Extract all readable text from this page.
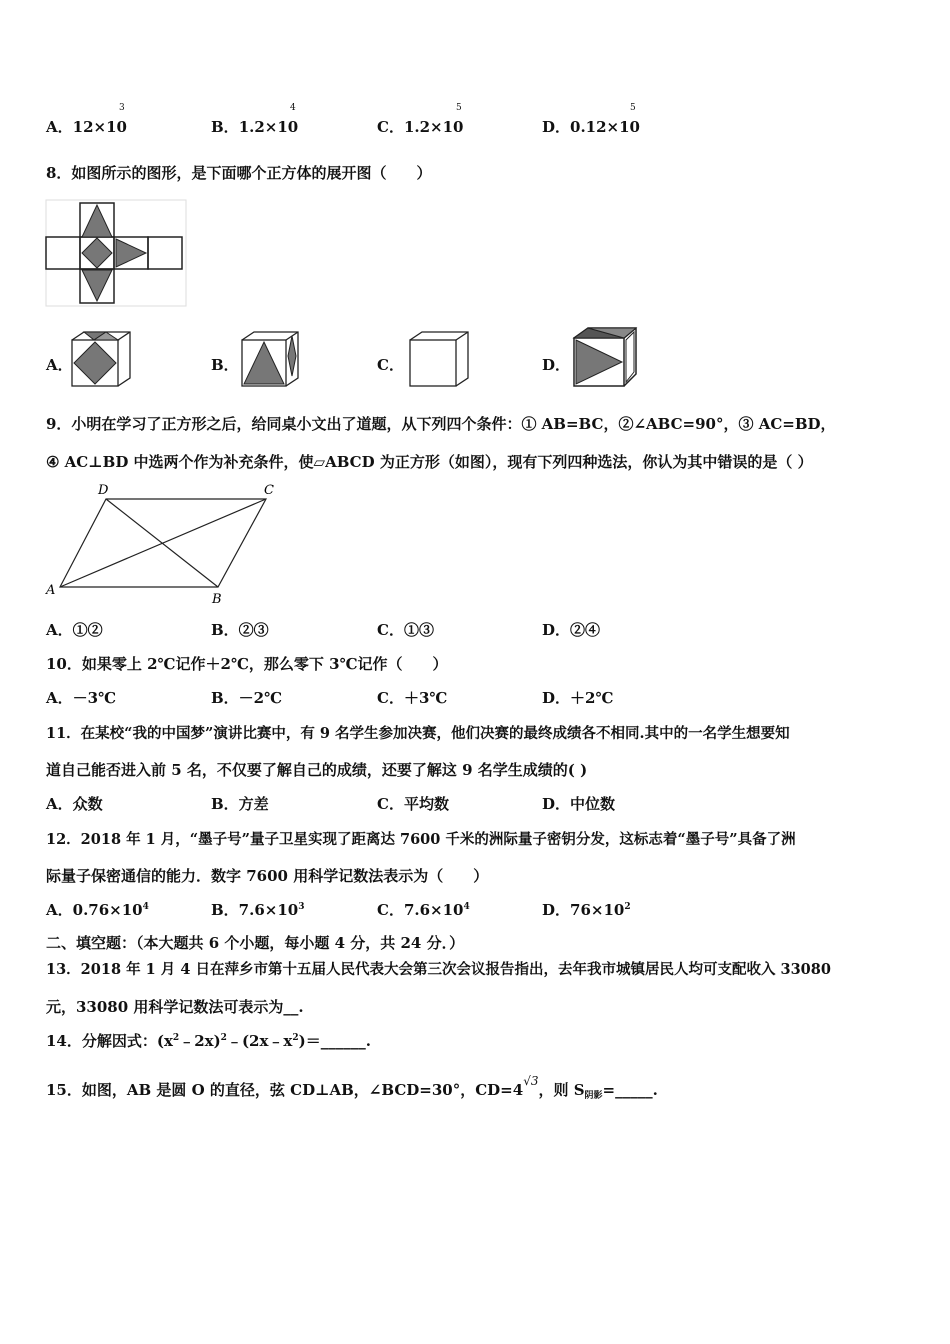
A．12×10
3
B．1.2×10
4
C．1.2×10
5
D．0.12×10
5
8．如图所示的图形，是下面哪个正方体的展开图（　　）
A．	B．	C．	D．
9．小明在学习了正方形之后，给同桌小文出了道题，从下列四个条件：① AB=BC，②∠ABC=90°，③ AC=BD，
④ AC⊥BD 中选两个作为补充条件，使▱ABCD 为正方形（如图），现有下列四种选法，你认为其中错误的是（ ）
A
B
C
D
A．①②	B．②③	C．①③	D．②④
10．如果零上 2℃记作＋2℃，那么零下 3℃记作（　　）
A．－3℃	B．－2℃	C．＋3℃	D．＋2℃
11．在某校“我的中国梦”演讲比赛中，有 9 名学生参加决赛，他们决赛的最终成绩各不相同.其中的一名学生想要知
道自己能否进入前 5 名，不仅要了解自己的成绩，还要了解这 9 名学生成绩的( )
A．众数	B．方差	C．平均数	D．中位数
12．2018 年 1 月，“墨子号”量子卫星实现了距离达 7600 千米的洲际量子密钥分发，这标志着“墨子号”具备了洲
际量子保密通信的能力．数字 7600 用科学记数法表示为（　　）
A．$0.76\times 10^4$	B．$7.6\times 10^3$	C．$7.6\times 10^4$	D．$76\times 10^2$
二、填空题：（本大题共 6 个小题，每小题 4 分，共 24 分．）
13．2018 年 1 月 4 日在萍乡市第十五届人民代表大会第三次会议报告指出，去年我市城镇居民人均可支配收入 33080
元，33080 用科学记数法可表示为__.
14．分解因式：$(x^2﹣2x)^2﹣(2x﹣x^2)=\_\_\_\_\_\_$.
15．如图，AB 是圆 O 的直径，弦 CD⊥AB，∠BCD=30°，$CD=4^{√3}$，则 $S_{阴影}=\_\_\_\_\_$.
